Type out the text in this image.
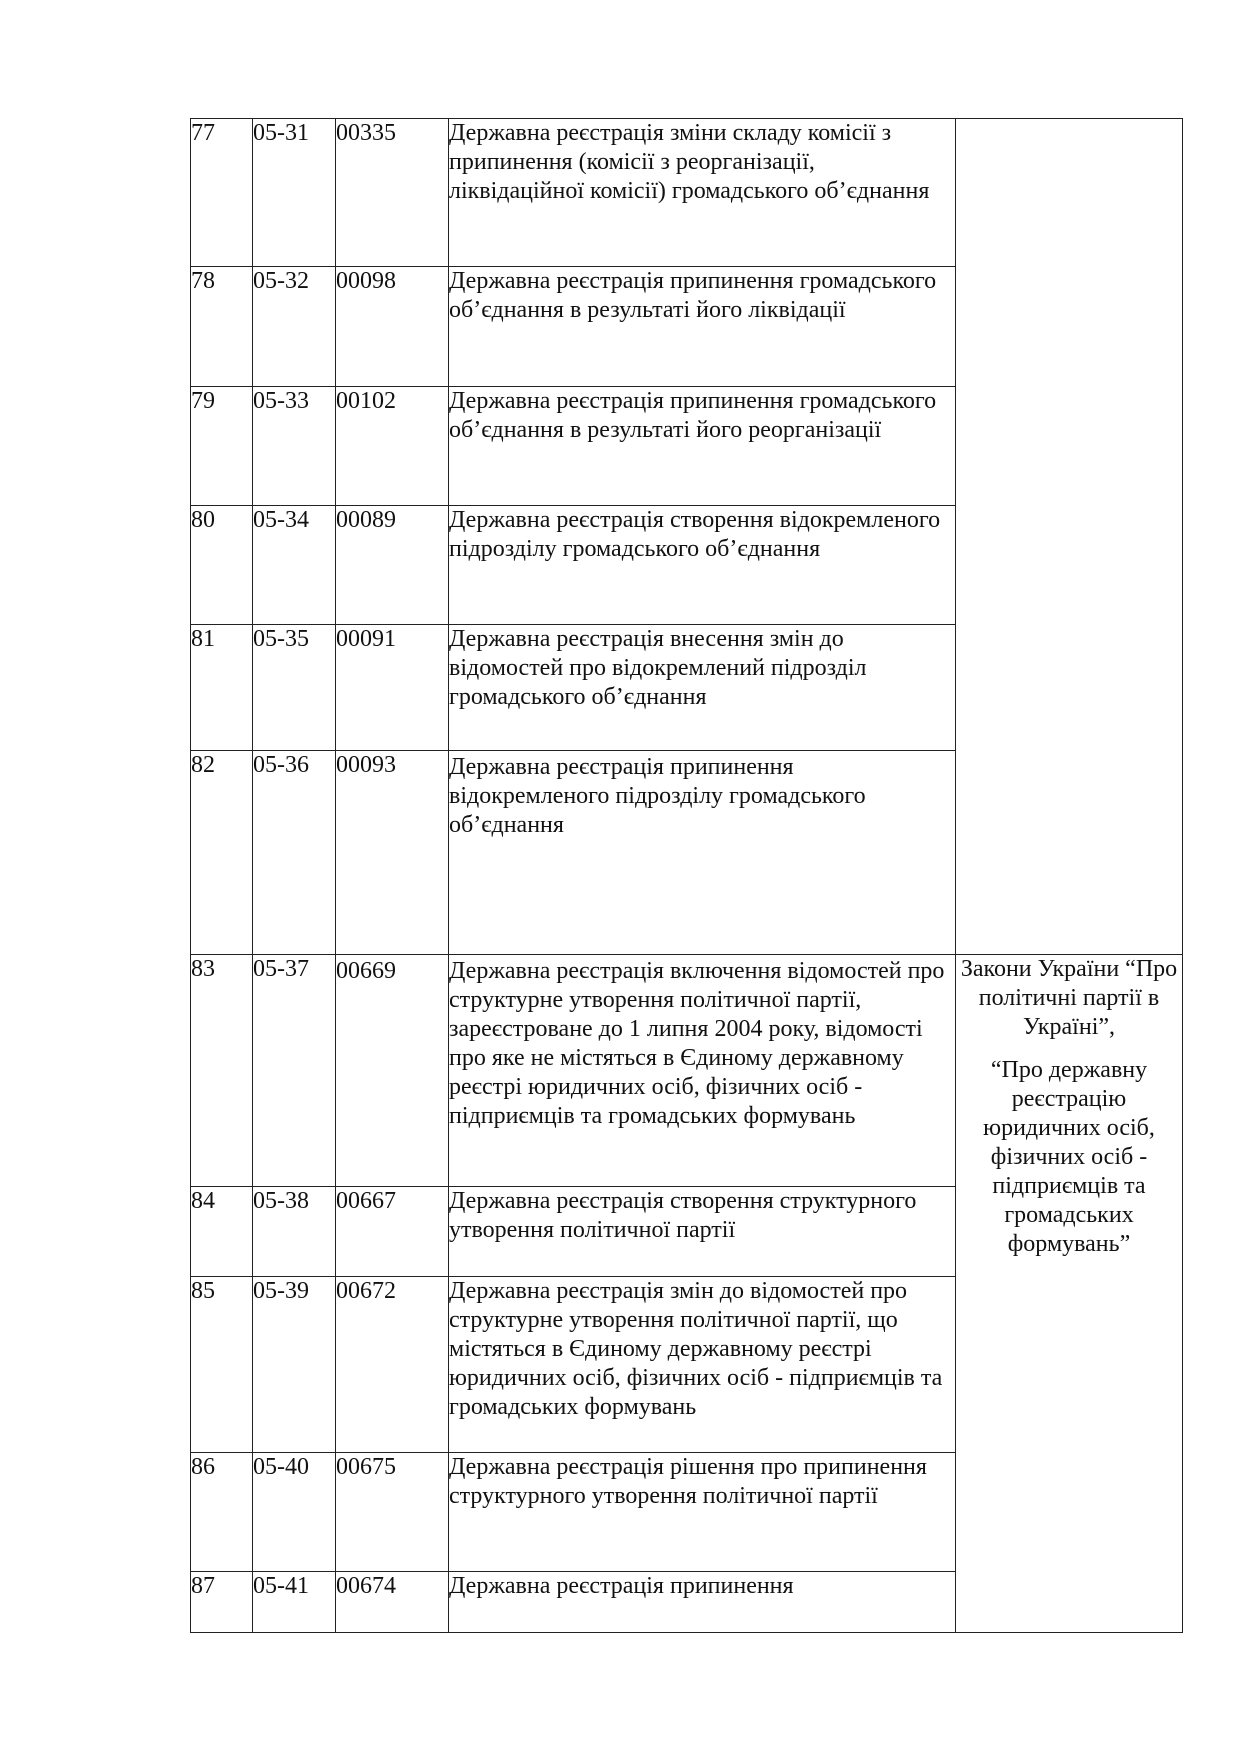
77	05-31	00335	Державна реєстрація зміни складу комісії з припинення (комісії з реорганізації, ліквідаційної комісії) громадського об’єднання	
78	05-32	00098	Державна реєстрація припинення громадського об’єднання в результаті його ліквідації	
79	05-33	00102	Державна реєстрація припинення громадського об’єднання в результаті його реорганізації	
80	05-34	00089	Державна реєстрація створення відокремленого підрозділу громадського об’єднання	
81	05-35	00091	Державна реєстрація внесення змін до відомостей про відокремлений підрозділ громадського об’єднання	
82	05-36	00093	Державна реєстрація припинення відокремленого підрозділу громадського об’єднання	
83	05-37	00669	Державна реєстрація включення відомостей про структурне утворення політичної партії, зареєстроване до 1 липня 2004 року, відомості про яке не містяться в Єдиному державному реєстрі юридичних осіб, фізичних осіб - підприємців та громадських формувань	Закони України “Про політичні партії в Україні”,
“Про державну реєстрацію юридичних осіб, фізичних осіб - підприємців та громадських формувань”

84	05-38	00667	Державна реєстрація створення структурного утворення політичної партії	
85	05-39	00672	Державна реєстрація змін до відомостей про структурне утворення політичної партії, що містяться в Єдиному державному реєстрі юридичних осіб, фізичних осіб - підприємців та громадських формувань	
86	05-40	00675	Державна реєстрація рішення про припинення структурного утворення політичної партії	
87	05-41	00674	Державна реєстрація припинення	
